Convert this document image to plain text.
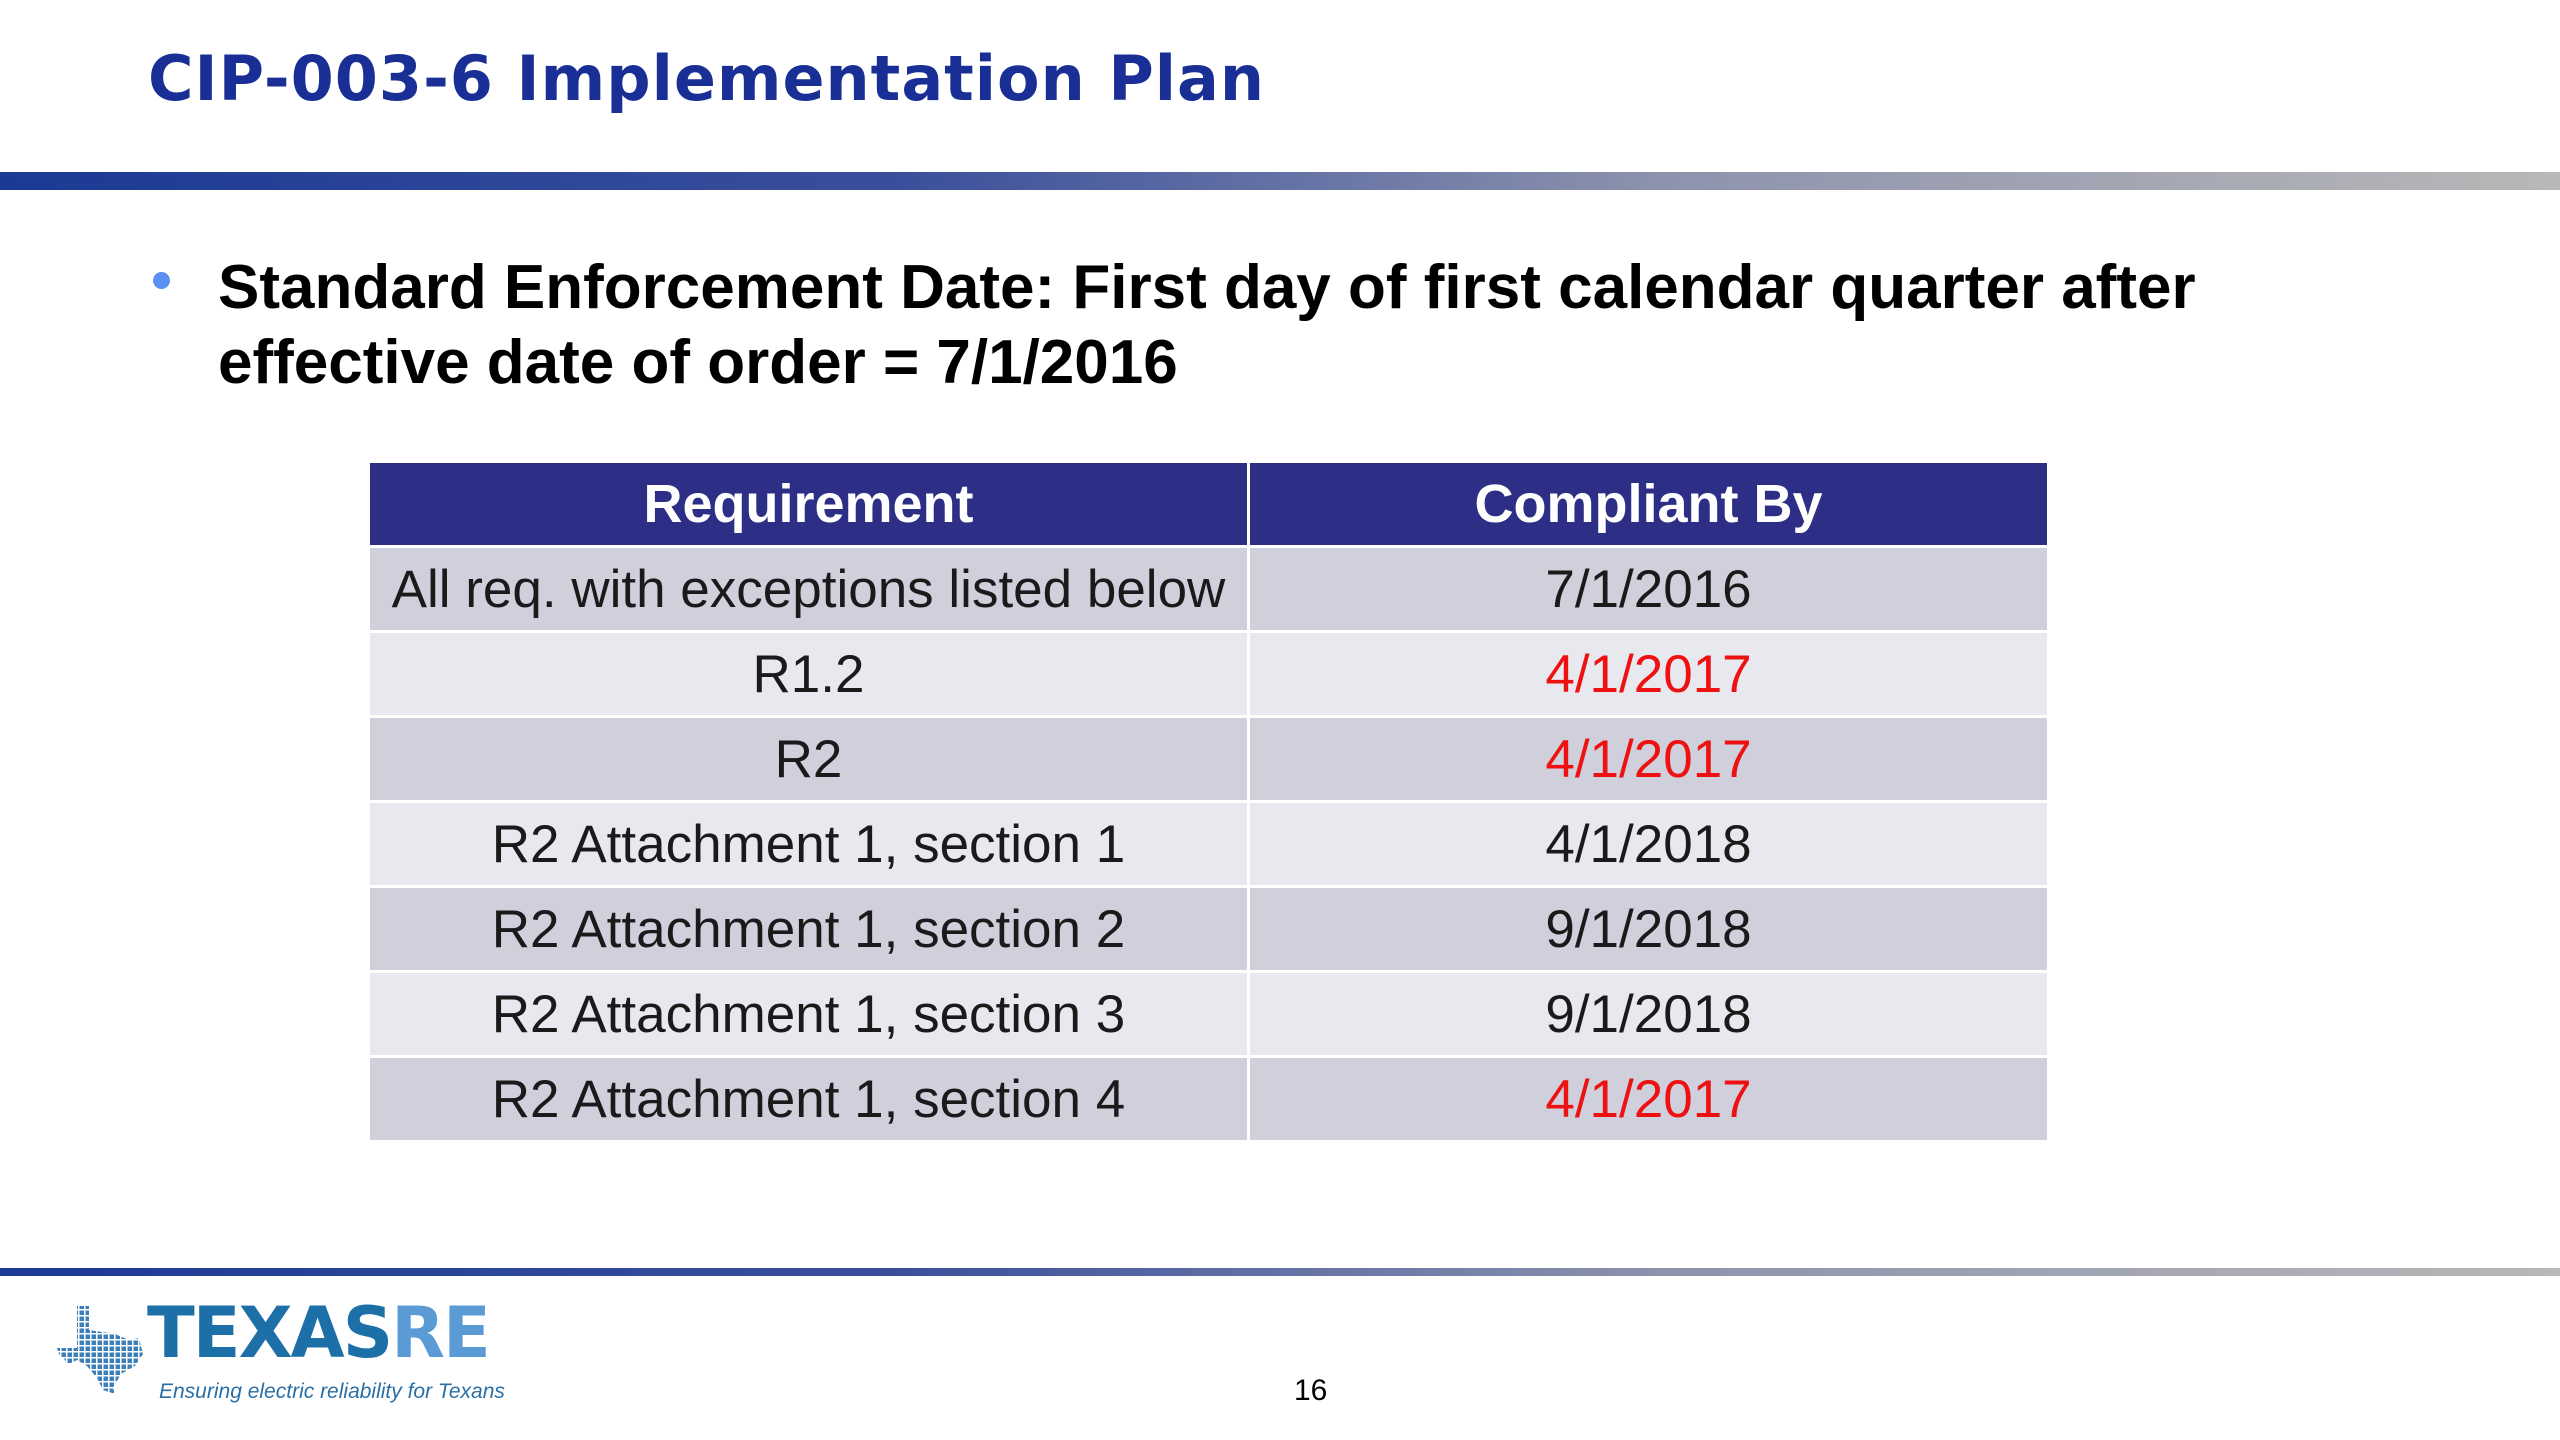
CIP-003-6 Implementation Plan

Standard Enforcement Date: First day of first calendar quarter after effective date of order = 7/1/2016

Requirement	Compliant By
All req. with exceptions listed below	7/1/2016
R1.2	4/1/2017
R2	4/1/2017
R2 Attachment 1, section 1	4/1/2018
R2 Attachment 1, section 2	9/1/2018
R2 Attachment 1, section 3	9/1/2018
R2 Attachment 1, section 4	4/1/2017
TEXASRE
Ensuring electric reliability for Texans	16
